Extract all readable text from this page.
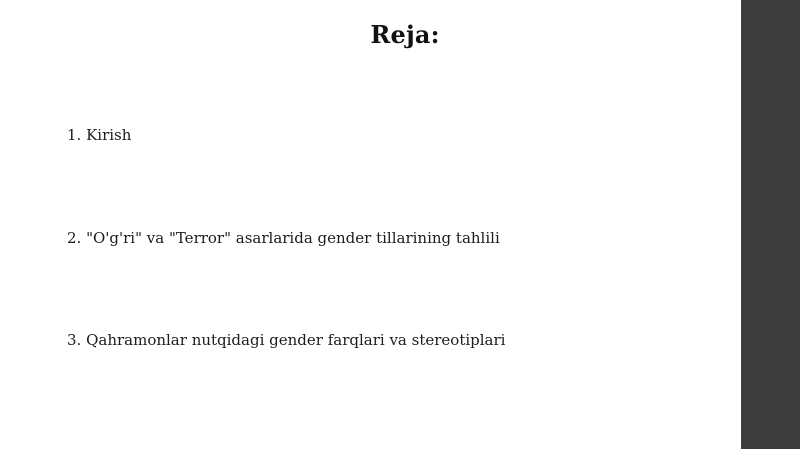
Reja:
1. Kirish
2. "O'g'ri" va "Terror" asarlarida gender tillarining tahlili
3. Qahramonlar nutqidagi gender farqlari va stereotiplari
